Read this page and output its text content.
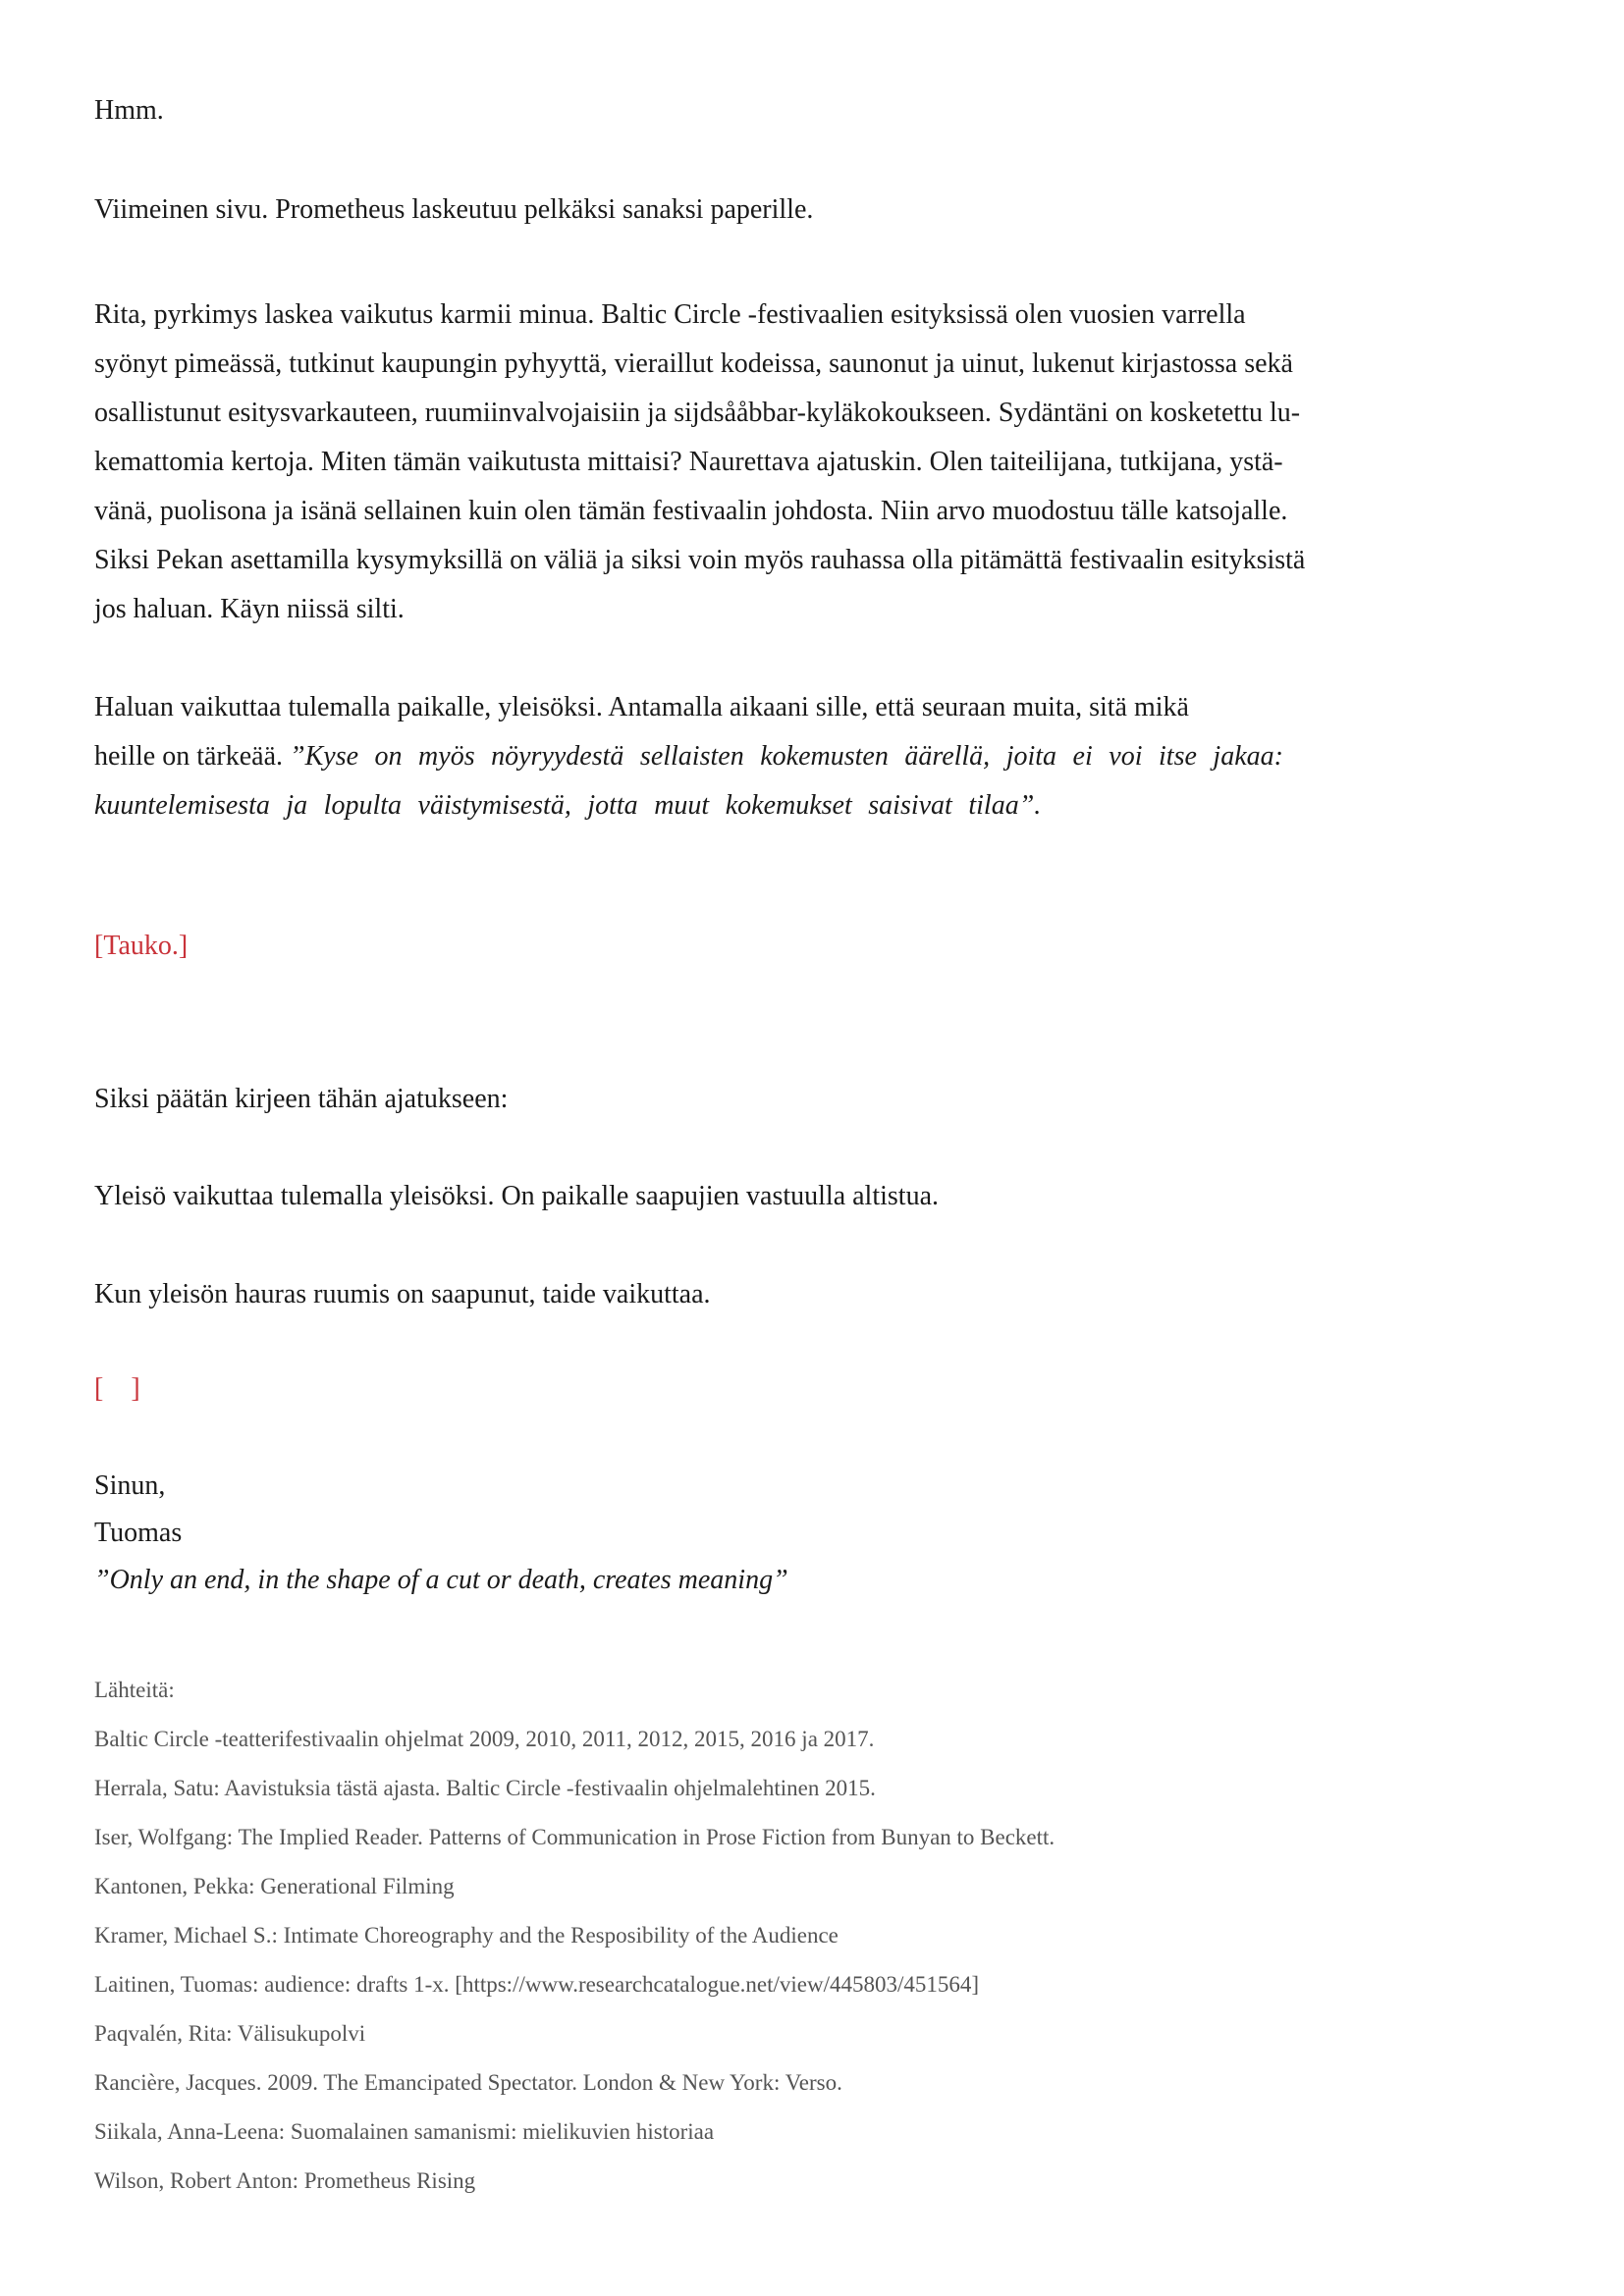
Hmm.
Viimeinen sivu. Prometheus laskeutuu pelkäksi sanaksi paperille.
Rita, pyrkimys laskea vaikutus karmii minua. Baltic Circle -festivaalien esityksissä olen vuosien varrella
syönyt pimeässä, tutkinut kaupungin pyhyyttä, vieraillut kodeissa, saunonut ja uinut, lukenut kirjastossa sekä
osallistunut esitysvarkauteen, ruumiinvalvojaisiin ja sijdsååbbar-kyläkokoukseen. Sydäntäni on kosketettu lu-
kemattomia kertoja. Miten tämän vaikutusta mittaisi? Naurettava ajatuskin. Olen taiteilijana, tutkijana, ystä-
vänä, puolisona ja isänä sellainen kuin olen tämän festivaalin johdosta. Niin arvo muodostuu tälle katsojalle.
Siksi Pekan asettamilla kysymyksillä on väliä ja siksi voin myös rauhassa olla pitämättä festivaalin esityksistä
jos haluan. Käyn niissä silti.
Haluan vaikuttaa tulemalla paikalle, yleisöksi. Antamalla aikaani sille, että seuraan muita, sitä mikä
heille on tärkeää. ”Kyse on myös nöyryydestä sellaisten kokemusten äärellä, joita ei voi itse jakaa:
kuuntelemisesta ja lopulta väistymisestä, jotta muut kokemukset saisivat tilaa”.
[Tauko.]
Siksi päätän kirjeen tähän ajatukseen:
Yleisö vaikuttaa tulemalla yleisöksi. On paikalle saapujien vastuulla altistua.
Kun yleisön hauras ruumis on saapunut, taide vaikuttaa.
[    ]
Sinun,
Tuomas
”Only an end, in the shape of a cut or death, creates meaning”
Lähteitä:
Baltic Circle -teatterifestivaalin ohjelmat 2009, 2010, 2011, 2012, 2015, 2016 ja 2017.
Herrala, Satu: Aavistuksia tästä ajasta. Baltic Circle -festivaalin ohjelmalehtinen 2015.
Iser, Wolfgang: The Implied Reader. Patterns of Communication in Prose Fiction from Bunyan to Beckett.
Kantonen, Pekka: Generational Filming
Kramer, Michael S.: Intimate Choreography and the Resposibility of the Audience
Laitinen, Tuomas: audience: drafts 1-x. [https://www.researchcatalogue.net/view/445803/451564]
Paqvalén, Rita: Välisukupolvi
Rancière, Jacques. 2009. The Emancipated Spectator. London & New York: Verso.
Siikala, Anna-Leena: Suomalainen samanismi: mielikuvien historiaa
Wilson, Robert Anton: Prometheus Rising
